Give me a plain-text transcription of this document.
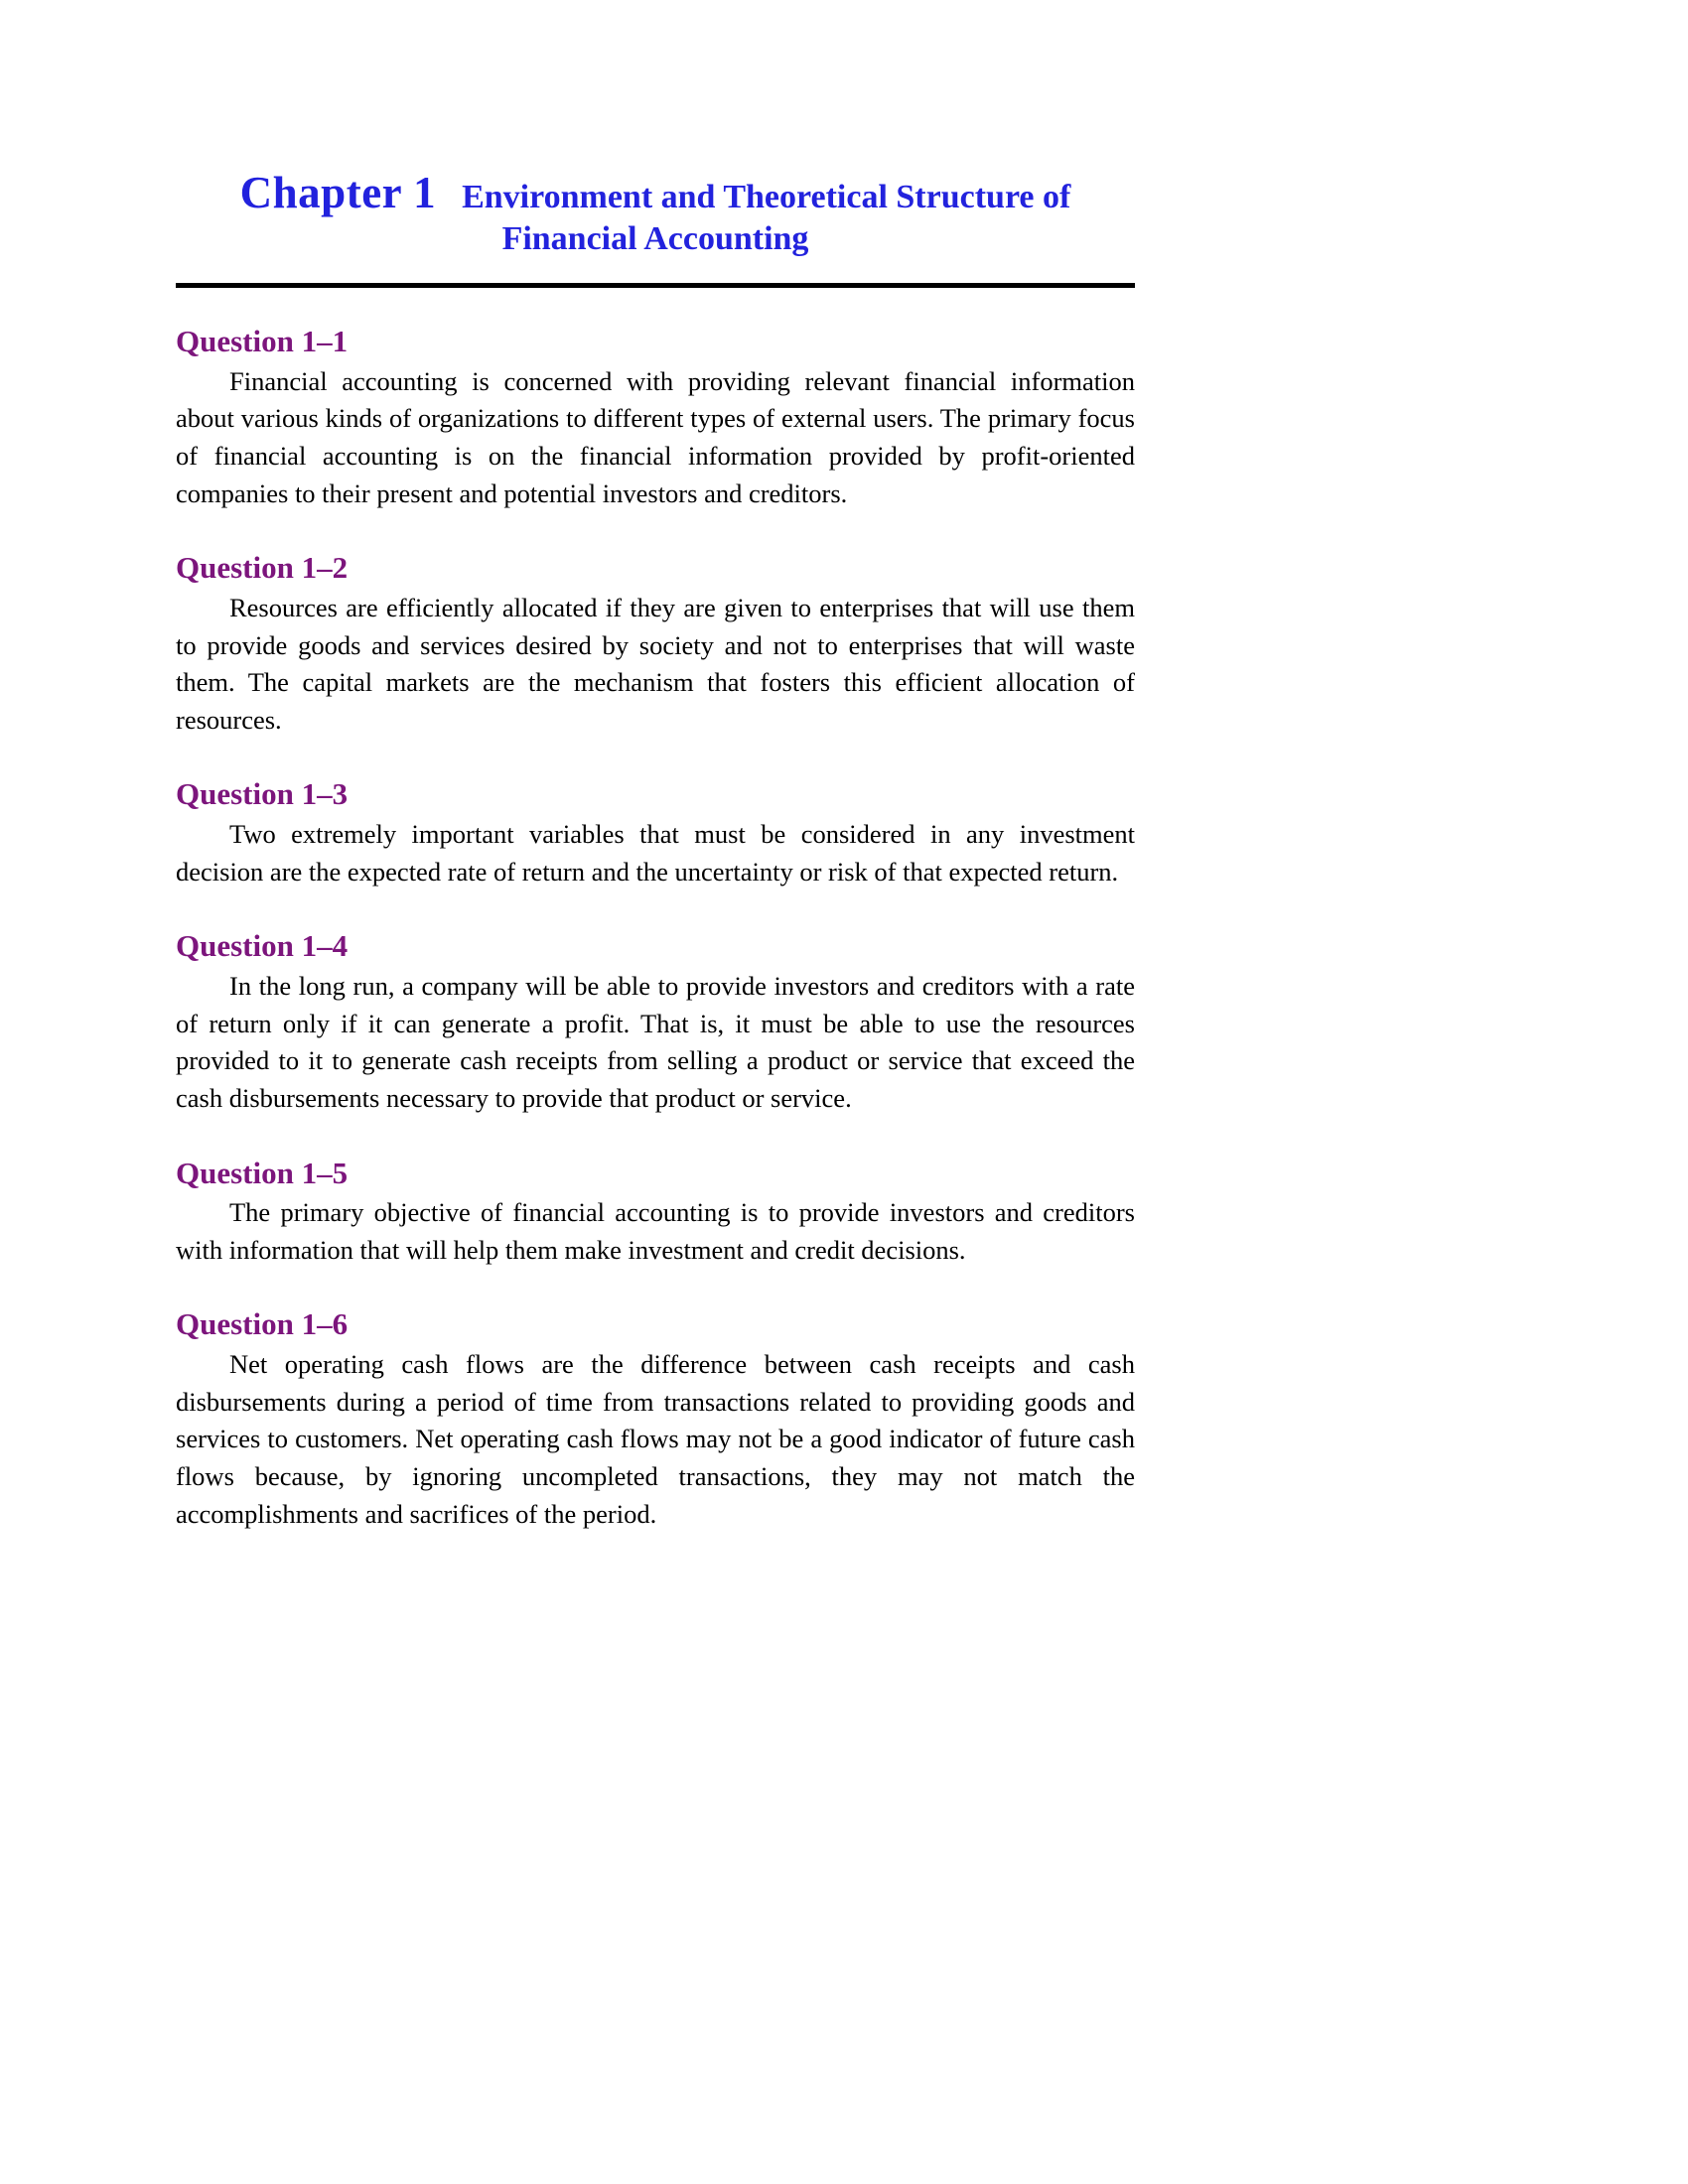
Chapter 1 Environment and Theoretical Structure of
Financial Accounting
Question 1–1

Financial accounting is concerned with providing relevant financial information about various kinds of organizations to different types of external users. The primary focus of financial accounting is on the financial information provided by profit-oriented companies to their present and potential investors and creditors.

Question 1–2

Resources are efficiently allocated if they are given to enterprises that will use them to provide goods and services desired by society and not to enterprises that will waste them. The capital markets are the mechanism that fosters this efficient allocation of resources.

Question 1–3

Two extremely important variables that must be considered in any investment decision are the expected rate of return and the uncertainty or risk of that expected return.

Question 1–4

In the long run, a company will be able to provide investors and creditors with a rate of return only if it can generate a profit. That is, it must be able to use the resources provided to it to generate cash receipts from selling a product or service that exceed the cash disbursements necessary to provide that product or service.

Question 1–5

The primary objective of financial accounting is to provide investors and creditors with information that will help them make investment and credit decisions.

Question 1–6

Net operating cash flows are the difference between cash receipts and cash disbursements during a period of time from transactions related to providing goods and services to customers. Net operating cash flows may not be a good indicator of future cash flows because, by ignoring uncompleted transactions, they may not match the accomplishments and sacrifices of the period.
